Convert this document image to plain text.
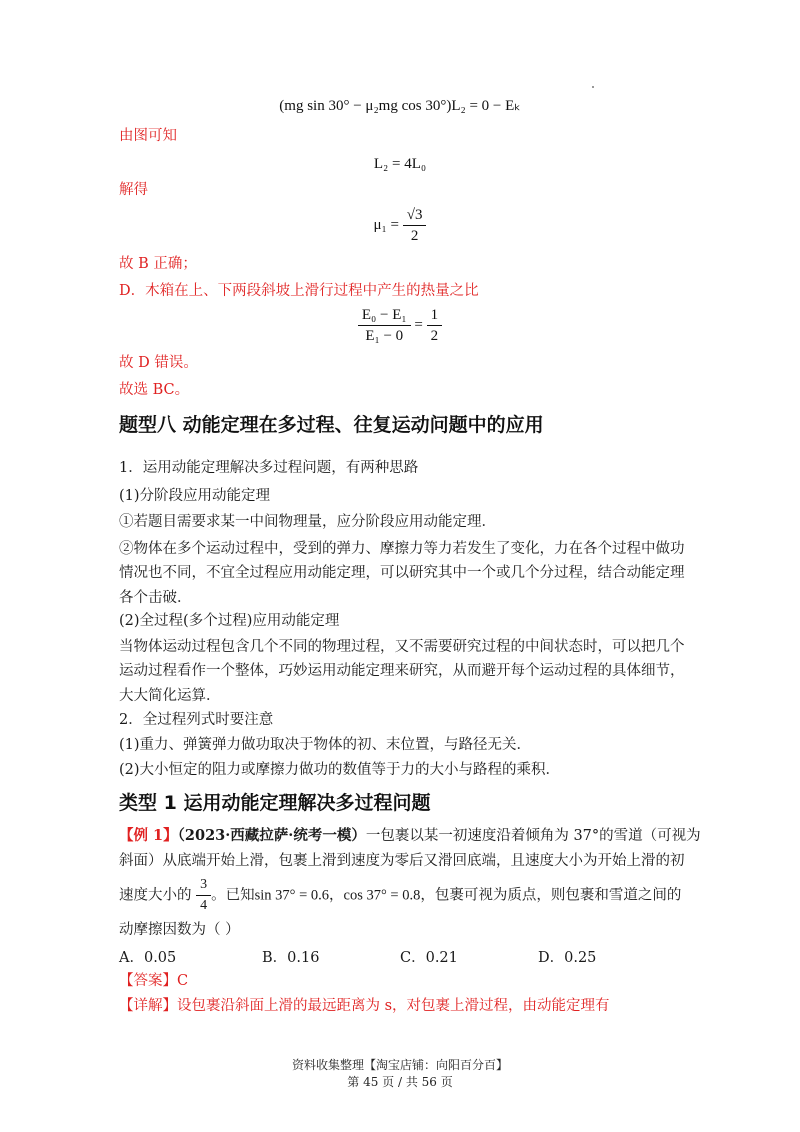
(mg sin 30° − μ₂mg cos 30°)L₂ = 0 − Eₖ
由图可知
L₂ = 4L₀
解得
$\mu_1 = \frac{√3}{2}$
故 B 正确；
D．木箱在上、下两段斜坡上滑行过程中产生的热量之比
$\frac{\text{E₀ − E₁}}{\text{E₁ − 0}} = \frac{1}{2}$
故 D 错误。
故选 BC。
题型八 动能定理在多过程、往复运动问题中的应用
1．运用动能定理解决多过程问题，有两种思路
(1)分阶段应用动能定理
①若题目需要求某一中间物理量，应分阶段应用动能定理．
②物体在多个运动过程中，受到的弹力、摩擦力等力若发生了变化，力在各个过程中做功
情况也不同，不宜全过程应用动能定理，可以研究其中一个或几个分过程，结合动能定理
各个击破．
(2)全过程(多个过程)应用动能定理
当物体运动过程包含几个不同的物理过程，又不需要研究过程的中间状态时，可以把几个
运动过程看作一个整体，巧妙运用动能定理来研究，从而避开每个运动过程的具体细节，
大大简化运算．
2．全过程列式时要注意
(1)重力、弹簧弹力做功取决于物体的初、末位置，与路径无关．
(2)大小恒定的阻力或摩擦力做功的数值等于力的大小与路程的乘积．
类型 1 运用动能定理解决多过程问题
【例 1】（2023·西藏拉萨·统考一模）一包裹以某一初速度沿着倾角为 37°的雪道（可视为
斜面）从底端开始上滑，包裹上滑到速度为零后又滑回底端，且速度大小为开始上滑的初
速度大小的 $\frac{3}{4}$ 。已知sin 37° = 0.6，cos 37° = 0.8，包裹可视为质点，则包裹和雪道之间的
动摩擦因数为（ ）
A．0.05	B．0.16	C．0.21	D．0.25
【答案】C
【详解】设包裹沿斜面上滑的最远距离为 s，对包裹上滑过程，由动能定理有
资料收集整理【淘宝店铺：向阳百分百】
第 45 页 / 共 56 页
